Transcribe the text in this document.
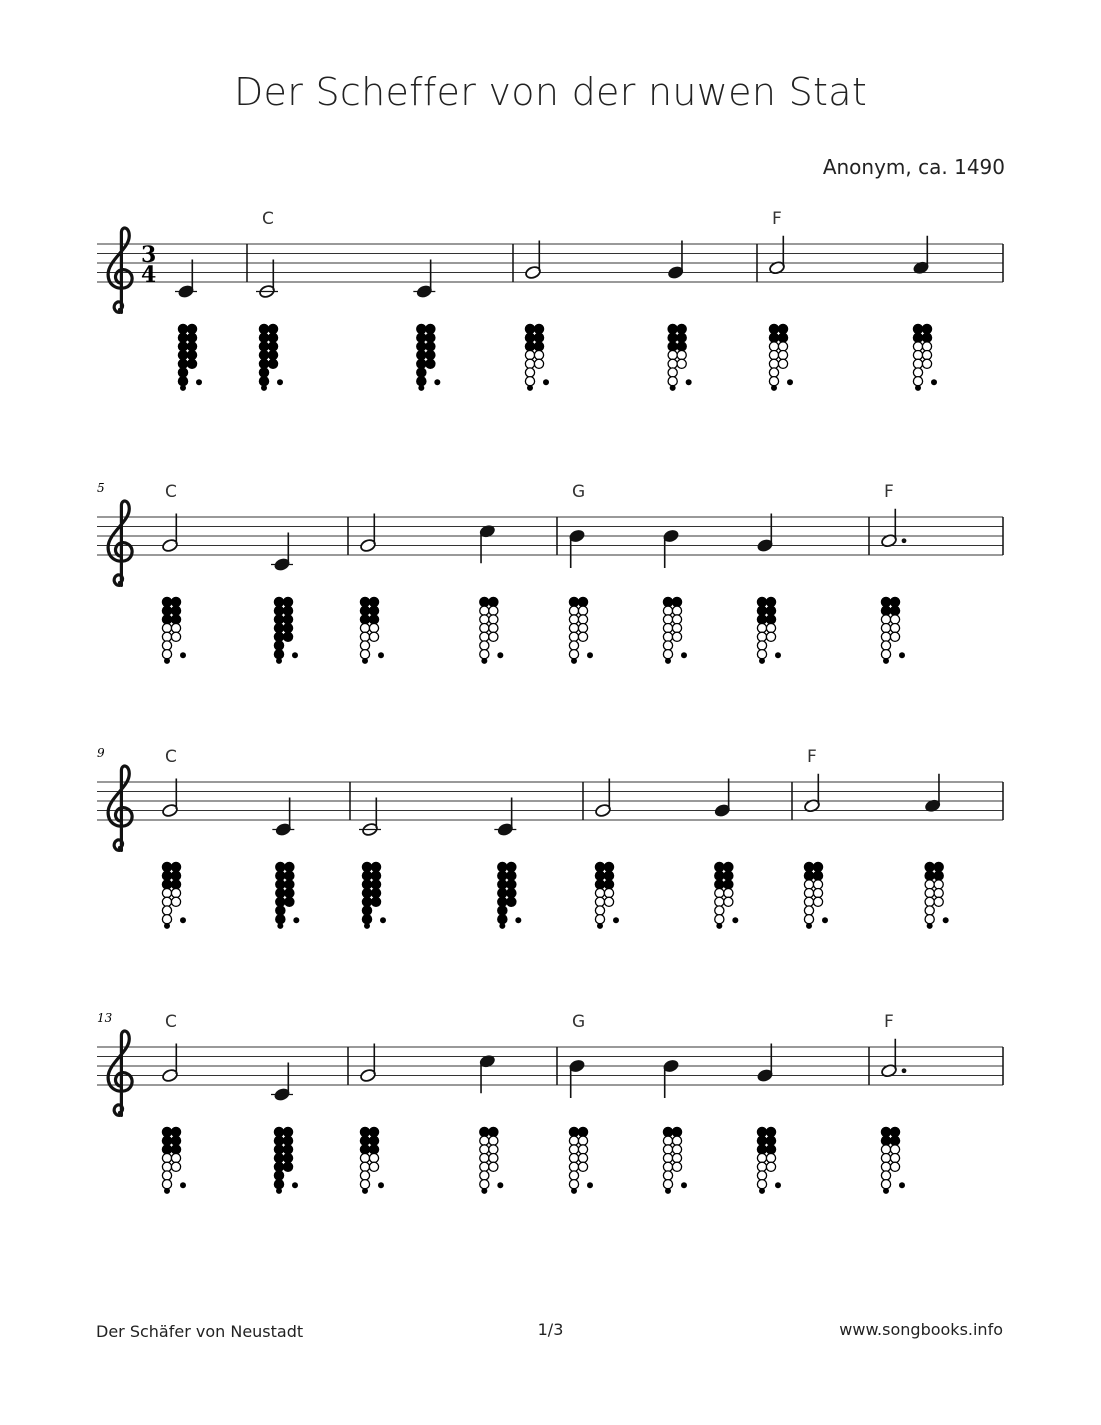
Der Scheffer von der nuwen Stat
Anonym, ca. 1490
3
4
C	F
5	C	G	F
9	C	F
13	C	G	F
Der Schäfer von Neustadt	1/3	www.songbooks.info
